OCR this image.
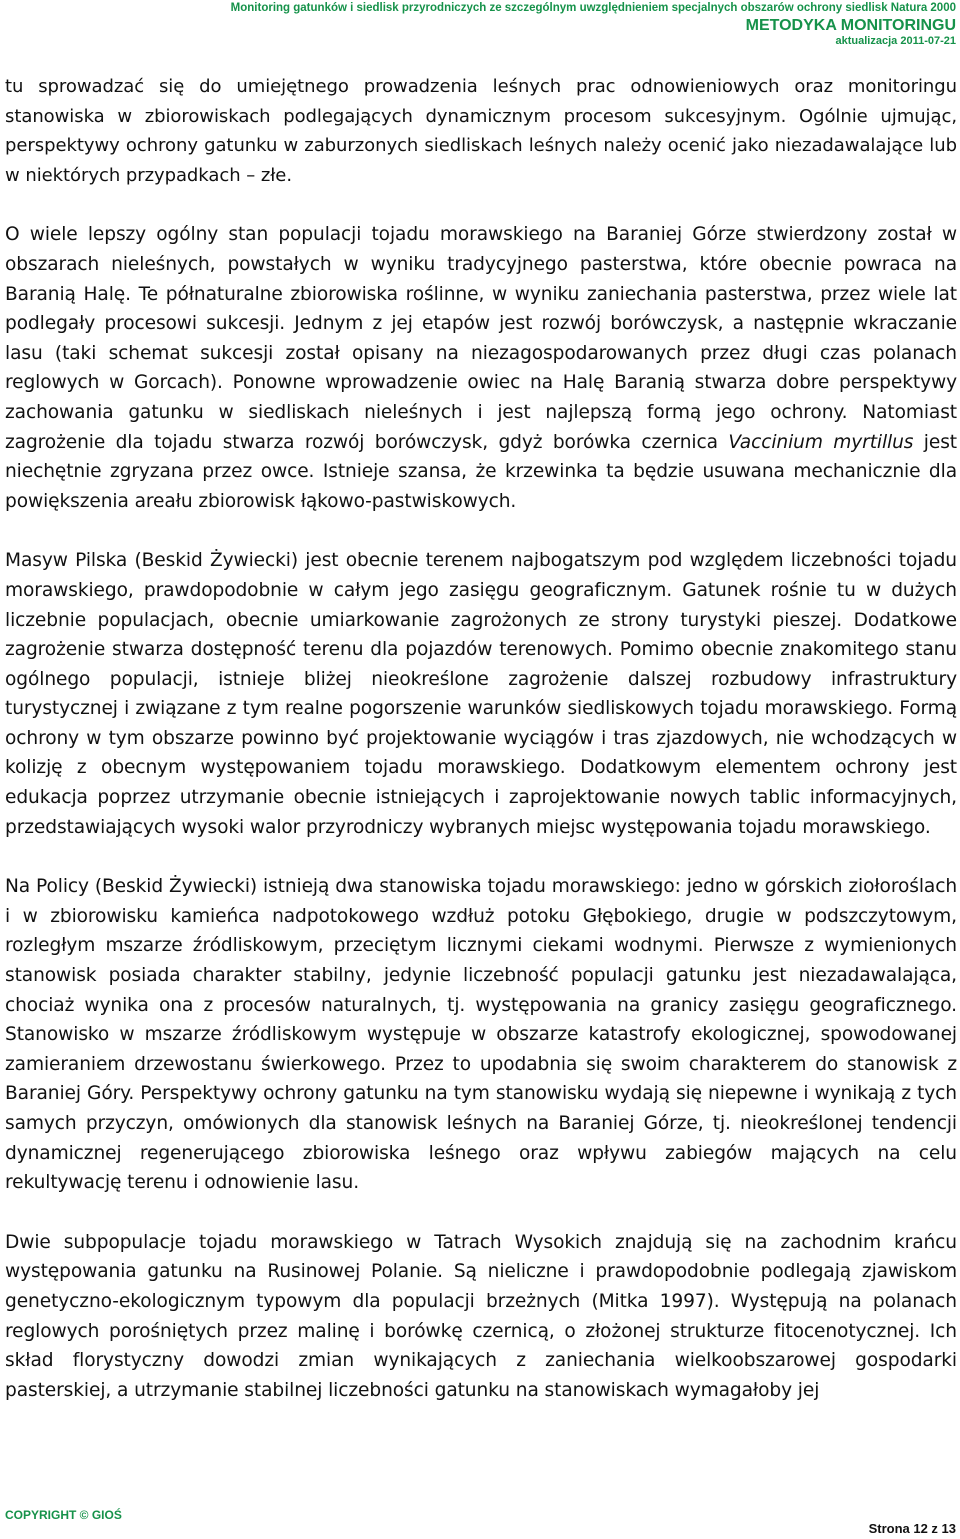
Monitoring gatunków i siedlisk przyrodniczych ze szczególnym uwzględnieniem specjalnych obszarów ochrony siedlisk Natura 2000
METODYKA MONITORINGU
aktualizacja 2011-07-21

tu sprowadzać się do umiejętnego prowadzenia leśnych prac odnowieniowych oraz monitoringu stanowiska w zbiorowiskach podlegających dynamicznym procesom sukcesyjnym. Ogólnie ujmując, perspektywy ochrony gatunku w zaburzonych siedliskach leśnych należy ocenić jako niezadawalające lub w niektórych przypadkach – złe.

O wiele lepszy ogólny stan populacji tojadu morawskiego na Baraniej Górze stwierdzony został w obszarach nieleśnych, powstałych w wyniku tradycyjnego pasterstwa, które obecnie powraca na Baranią Halę. Te półnaturalne zbiorowiska roślinne, w wyniku zaniechania pasterstwa, przez wiele lat podlegały procesowi sukcesji. Jednym z jej etapów jest rozwój borówczysk, a następnie wkraczanie lasu (taki schemat sukcesji został opisany na niezagospodarowanych przez długi czas polanach reglowych w Gorcach). Ponowne wprowadzenie owiec na Halę Baranią stwarza dobre perspektywy zachowania gatunku w siedliskach nieleśnych i jest najlepszą formą jego ochrony. Natomiast zagrożenie dla tojadu stwarza rozwój borówczysk, gdyż borówka czernica Vaccinium myrtillus jest niechętnie zgryzana przez owce. Istnieje szansa, że krzewinka ta będzie usuwana mechanicznie dla powiększenia areału zbiorowisk łąkowo-pastwiskowych.

Masyw Pilska (Beskid Żywiecki) jest obecnie terenem najbogatszym pod względem liczebności tojadu morawskiego, prawdopodobnie w całym jego zasięgu geograficznym. Gatunek rośnie tu w dużych liczebnie populacjach, obecnie umiarkowanie zagrożonych ze strony turystyki pieszej. Dodatkowe zagrożenie stwarza dostępność terenu dla pojazdów terenowych. Pomimo obecnie znakomitego stanu ogólnego populacji, istnieje bliżej nieokreślone zagrożenie dalszej rozbudowy infrastruktury turystycznej i związane z tym realne pogorszenie warunków siedliskowych tojadu morawskiego. Formą ochrony w tym obszarze powinno być projektowanie wyciągów i tras zjazdowych, nie wchodzących w kolizję z obecnym występowaniem tojadu morawskiego. Dodatkowym elementem ochrony jest edukacja poprzez utrzymanie obecnie istniejących i zaprojektowanie nowych tablic informacyjnych, przedstawiających wysoki walor przyrodniczy wybranych miejsc występowania tojadu morawskiego.

Na Policy (Beskid Żywiecki) istnieją dwa stanowiska tojadu morawskiego: jedno w górskich ziołoroślach i w zbiorowisku kamieńca nadpotokowego wzdłuż potoku Głębokiego, drugie w podszczytowym, rozległym mszarze źródliskowym, przeciętym licznymi ciekami wodnymi. Pierwsze z wymienionych stanowisk posiada charakter stabilny, jedynie liczebność populacji gatunku jest niezadawalająca, chociaż wynika ona z procesów naturalnych, tj. występowania na granicy zasięgu geograficznego. Stanowisko w mszarze źródliskowym występuje w obszarze katastrofy ekologicznej, spowodowanej zamieraniem drzewostanu świerkowego. Przez to upodabnia się swoim charakterem do stanowisk z Baraniej Góry. Perspektywy ochrony gatunku na tym stanowisku wydają się niepewne i wynikają z tych samych przyczyn, omówionych dla stanowisk leśnych na Baraniej Górze, tj. nieokreślonej tendencji dynamicznej regenerującego zbiorowiska leśnego oraz wpływu zabiegów mających na celu rekultywację terenu i odnowienie lasu.

Dwie subpopulacje tojadu morawskiego w Tatrach Wysokich znajdują się na zachodnim krańcu występowania gatunku na Rusinowej Polanie. Są nieliczne i prawdopodobnie podlegają zjawiskom genetyczno-ekologicznym typowym dla populacji brzeżnych (Mitka 1997). Występują na polanach reglowych porośniętych przez malinę i borówkę czernicą, o złożonej strukturze fitocenotycznej. Ich skład florystyczny dowodzi zmian wynikających z zaniechania wielkoobszarowej gospodarki pasterskiej, a utrzymanie stabilnej liczebności gatunku na stanowiskach wymagałoby jej

COPYRIGHT © GIOŚ
Strona 12 z 13
